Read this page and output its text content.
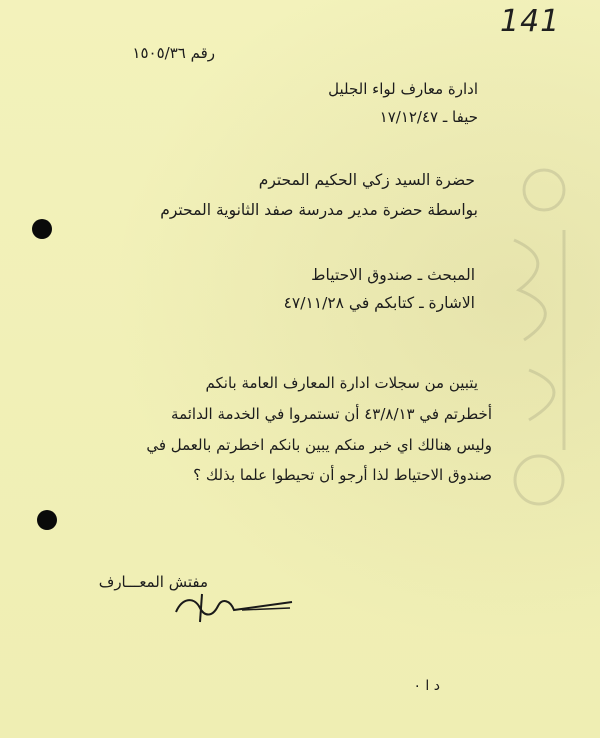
141
رقم ١٥٠٥/٣٦
ادارة معارف لواء الجليل
حيفا ـ ١٧/١٢/٤٧
حضرة السيد زكي الحكيم المحترم
بواسطة حضرة مدير مدرسة صفد الثانوية المحترم
المبحث ـ صندوق الاحتياط
الاشارة ـ كتابكم في ٤٧/١١/٢٨
يتبين من سجلات ادارة المعارف العامة بانكم
أخطرتم في ٤٣/٨/١٣ أن تستمروا في الخدمة الدائمة
وليس هنالك اي خبر منكم يبين بانكم اخطرتم بالعمل في
صندوق الاحتياط لذا أرجو أن تحيطوا علما بذلك ؟
مفتش المعـــارف
د ا ٠
